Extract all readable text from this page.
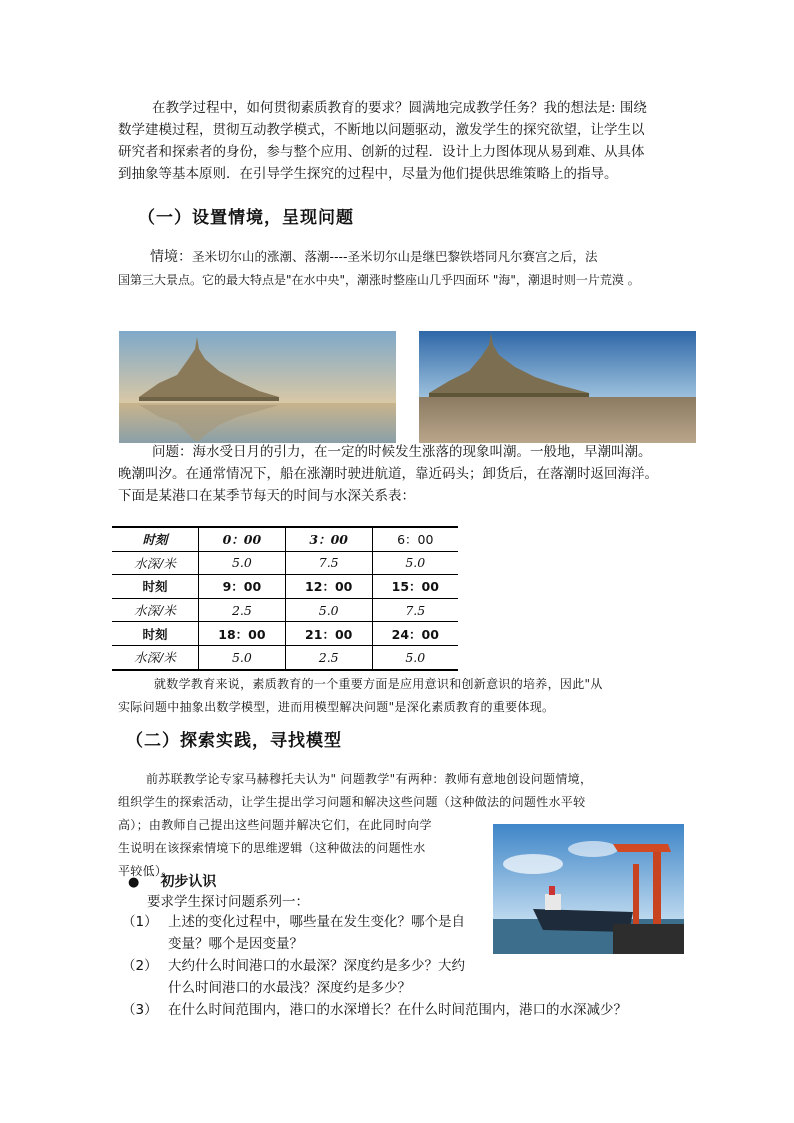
在教学过程中，如何贯彻素质教育的要求？圆满地完成教学任务？我的想法是: 围绕
数学建模过程，贯彻互动教学模式，不断地以问题驱动，激发学生的探究欲望，让学生以
研究者和探索者的身份，参与整个应用、创新的过程．设计上力图体现从易到难、从具体
到抽象等基本原则．在引导学生探究的过程中，尽量为他们提供思维策略上的指导。
（一）设置情境，呈现问题
情境：圣米切尔山的涨潮、落潮----圣米切尔山是继巴黎铁塔同凡尔赛宫之后，法
国第三大景点。它的最大特点是"在水中央"，潮涨时整座山几乎四面环 "海"，潮退时则一片荒漠 。
问题：海水受日月的引力，在一定的时候发生涨落的现象叫潮。一般地，早潮叫潮。
晚潮叫汐。在通常情况下，船在涨潮时驶进航道，靠近码头；卸货后，在落潮时返回海洋。
下面是某港口在某季节每天的时间与水深关系表：
时刻	0：00	3：00	6：00
水深/米	5.0	7.5	5.0
时刻	9：00	12：00	15：00
水深/米	2.5	5.0	7.5
时刻	18：00	21：00	24：00
水深/米	5.0	2.5	5.0
就数学教育来说，素质教育的一个重要方面是应用意识和创新意识的培养，因此"从
实际问题中抽象出数学模型，进而用模型解决问题"是深化素质教育的重要体现。
（二）探索实践，寻找模型
前苏联教学论专家马赫穆托夫认为" 问题教学"有两种：教师有意地创设问题情境，
组织学生的探索活动，让学生提出学习问题和解决这些问题（这种做法的问题性水平较
高）；由教师自己提出这些问题并解决它们，在此同时向学
生说明在该探索情境下的思维逻辑（这种做法的问题性水
平较低）。
● 初步认识
要求学生探讨问题系列一：
（1） 上述的变化过程中，哪些量在发生变化？哪个是自
变量？哪个是因变量？
（2） 大约什么时间港口的水最深？深度约是多少？大约
什么时间港口的水最浅？深度约是多少？
（3） 在什么时间范围内，港口的水深增长？在什么时间范围内，港口的水深减少？
